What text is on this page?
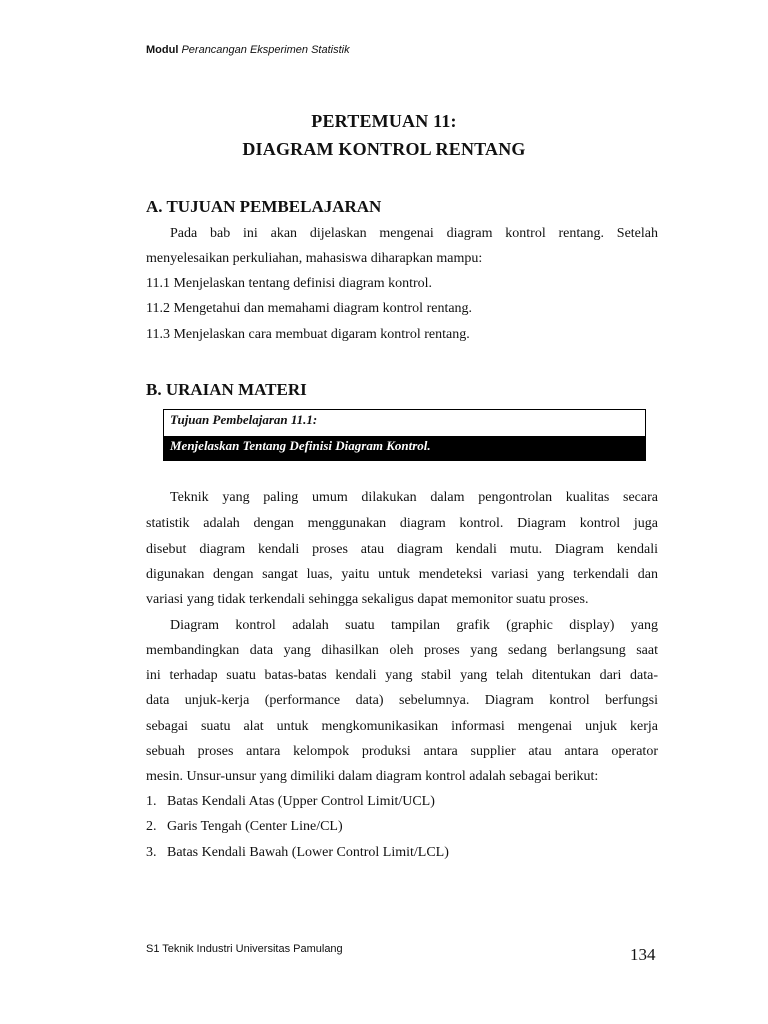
Modul Perancangan Eksperimen Statistik
PERTEMUAN 11:
DIAGRAM KONTROL RENTANG
A. TUJUAN PEMBELAJARAN
Pada bab ini akan dijelaskan mengenai diagram kontrol rentang. Setelah
menyelesaikan perkuliahan, mahasiswa diharapkan mampu:
11.1 Menjelaskan tentang definisi diagram kontrol.
11.2 Mengetahui dan memahami diagram kontrol rentang.
11.3 Menjelaskan cara membuat digaram kontrol rentang.
B. URAIAN MATERI
Tujuan Pembelajaran 11.1:
Menjelaskan Tentang Definisi Diagram Kontrol.
Teknik yang paling umum dilakukan dalam pengontrolan kualitas secara
statistik adalah dengan menggunakan diagram kontrol. Diagram kontrol juga
disebut diagram kendali proses atau diagram kendali mutu. Diagram kendali
digunakan dengan sangat luas, yaitu untuk mendeteksi variasi yang terkendali dan
variasi yang tidak terkendali sehingga sekaligus dapat memonitor suatu proses.
Diagram kontrol adalah suatu tampilan grafik (graphic display) yang
membandingkan data yang dihasilkan oleh proses yang sedang berlangsung saat
ini terhadap suatu batas-batas kendali yang stabil yang telah ditentukan dari data-
data unjuk-kerja (performance data) sebelumnya. Diagram kontrol berfungsi
sebagai suatu alat untuk mengkomunikasikan informasi mengenai unjuk kerja
sebuah proses antara kelompok produksi antara supplier atau antara operator
mesin. Unsur-unsur yang dimiliki dalam diagram kontrol adalah sebagai berikut:
1.   Batas Kendali Atas (Upper Control Limit/UCL)
2.   Garis Tengah (Center Line/CL)
3.   Batas Kendali Bawah (Lower Control Limit/LCL)
S1 Teknik Industri Universitas Pamulang	134
